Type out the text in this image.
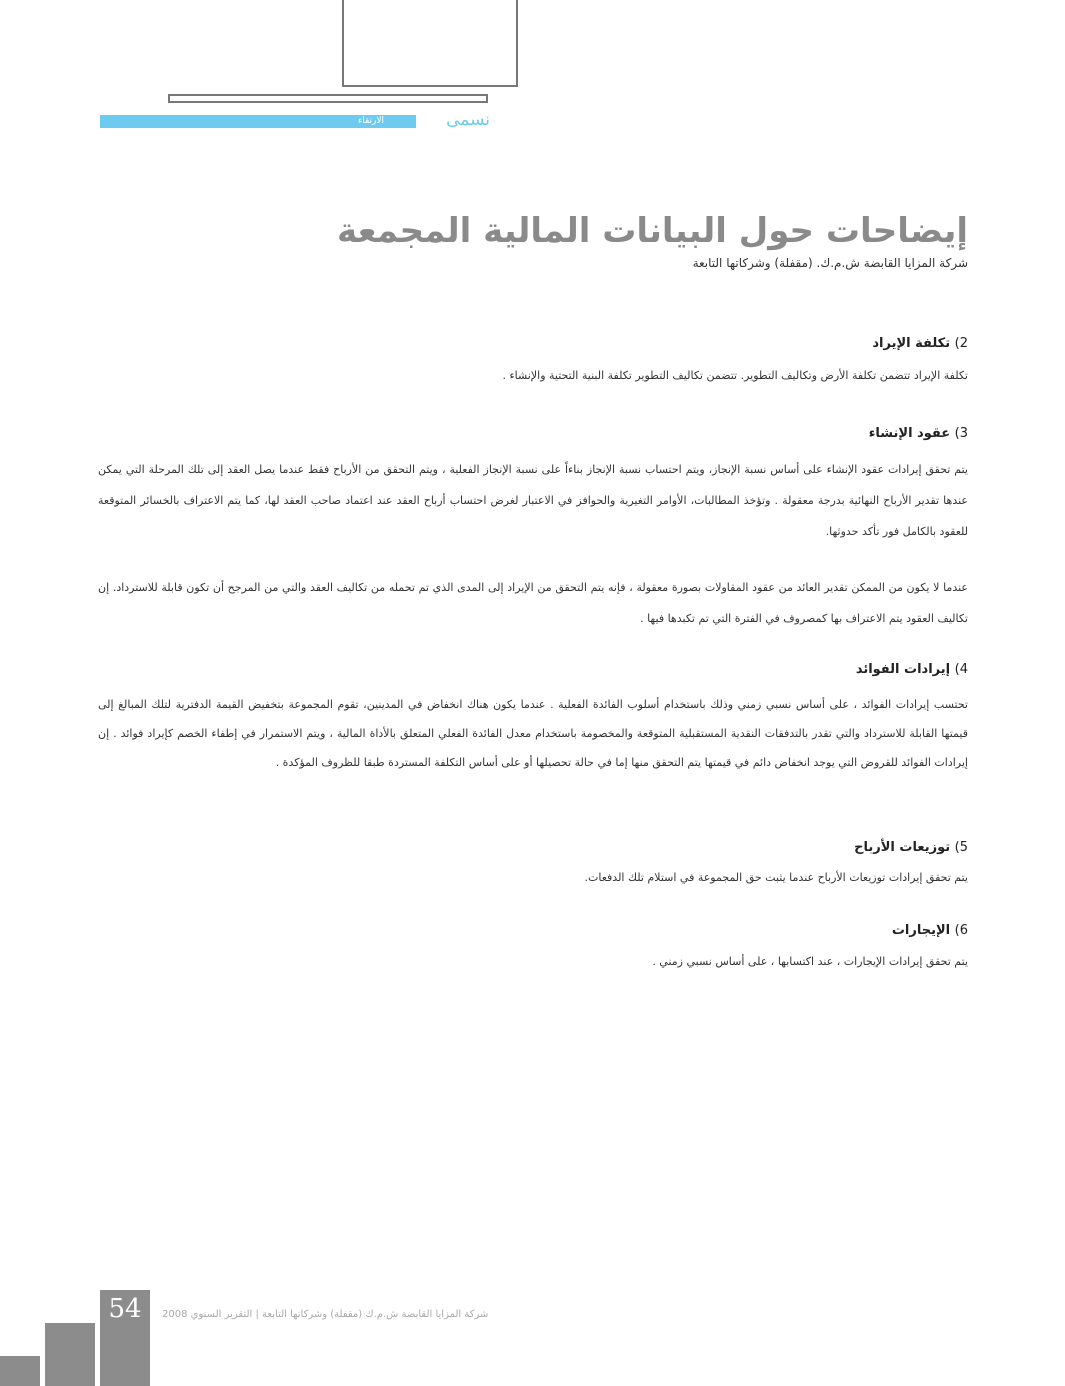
الارتقاء إلى نسمى
إيضاحات حول البيانات المالية المجمعة
شركة المزايا القابضة ش.م.ك. (مقفلة) وشركاتها التابعة
2) تكلفة الإيراد
تكلفة الإيراد تتضمن تكلفة الأرض وتكاليف التطوير. تتضمن تكاليف التطوير تكلفة البنية التحتية والإنشاء .
3) عقود الإنشاء
يتم تحقق إيرادات عقود الإنشاء على أساس نسبة الإنجاز، ويتم احتساب نسبة الإنجاز بناءاً على نسبة الإنجاز الفعلية ، ويتم التحقق من الأرباح فقط عندما يصل العقد إلى تلك المرحلة التي يمكن عندها تقدير الأرباح النهائية بدرجة معقولة . وتؤخذ المطالبات، الأوامر التغيرية والحوافز في الاعتبار لغرض احتساب أرباح العقد عند اعتماد صاحب العقد لها، كما يتم الاعتراف بالخسائر المتوقعة للعقود بالكامل فور تأكد حدوثها.
عندما لا يكون من الممكن تقدير العائد من عقود المقاولات بصورة معقولة ، فإنه يتم التحقق من الإيراد إلى المدى الذي تم تحمله من تكاليف العقد والتي من المرجح أن تكون قابلة للاسترداد. إن تكاليف العقود يتم الاعتراف بها كمصروف في الفترة التي تم تكبدها فيها .
4) إيرادات الفوائد
تحتسب إيرادات الفوائد ، على أساس نسبي زمني وذلك باستخدام أسلوب الفائدة الفعلية . عندما يكون هناك انخفاض في المدينين، تقوم المجموعة بتخفيض القيمة الدفترية لتلك المبالغ إلى قيمتها القابلة للاسترداد والتي تقدر بالتدفقات النقدية المستقبلية المتوقعة والمخصومة باستخدام معدل الفائدة الفعلي المتعلق بالأداة المالية ، ويتم الاستمرار في إطفاء الخصم كإيراد فوائد . إن إيرادات الفوائد للقروض التي يوجد انخفاض دائم في قيمتها يتم التحقق منها إما في حالة تحصيلها أو على أساس التكلفة المستردة طبقا للظروف المؤكدة .
5) توزيعات الأرباح
يتم تحقق إيرادات توزيعات الأرباح عندما يثبت حق المجموعة في استلام تلك الدفعات.
6) الإيجارات
يتم تحقق إيرادات الإيجارات ، عند اكتسابها ، على أساس نسبي زمني .
54	شركة المزايا القابضة ش.م.ك (مقفلة) وشركاتها التابعة | التقرير السنوي 2008
